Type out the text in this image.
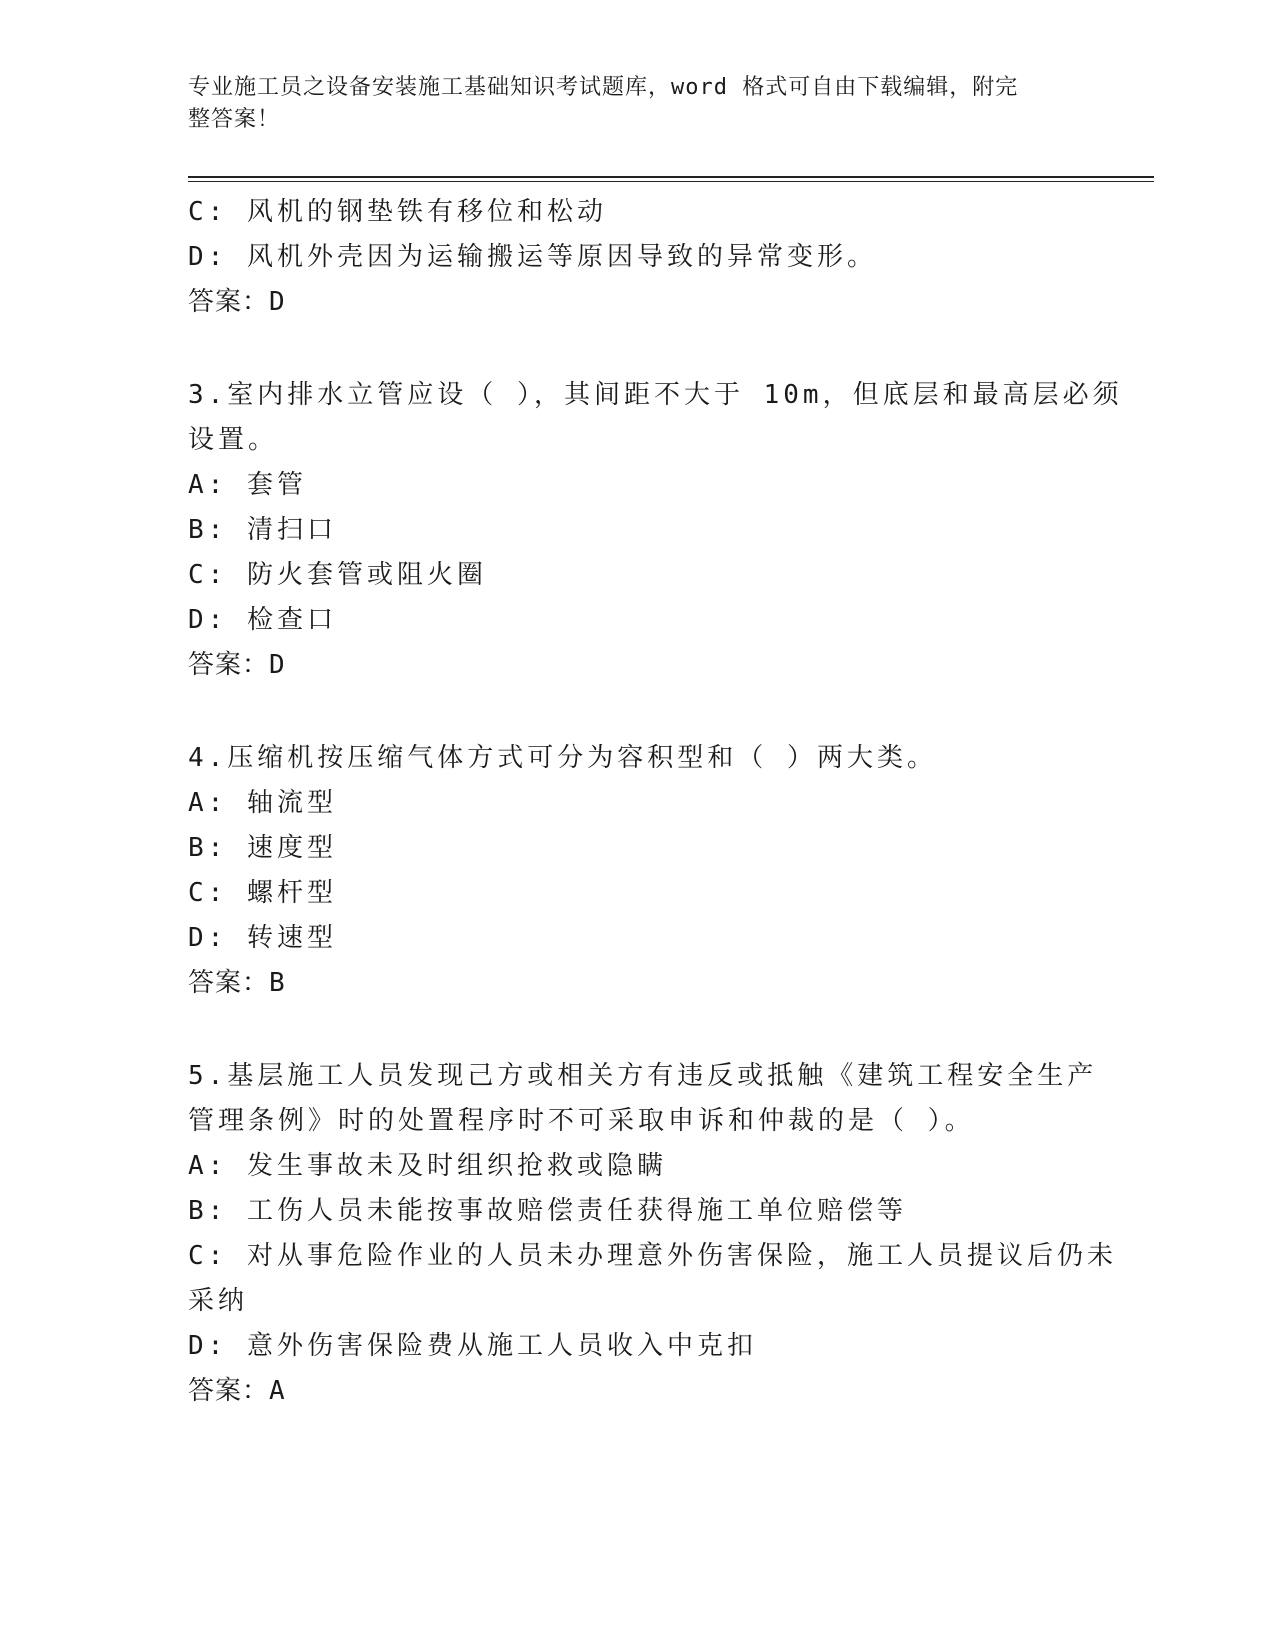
专业施工员之设备安装施工基础知识考试题库，word 格式可自由下载编辑，附完
整答案！
C: 风机的钢垫铁有移位和松动
D: 风机外壳因为运输搬运等原因导致的异常变形。
答案：D
3.室内排水立管应设（ ），其间距不大于 10m，但底层和最高层必须
设置。
A: 套管
B: 清扫口
C: 防火套管或阻火圈
D: 检查口
答案：D
4.压缩机按压缩气体方式可分为容积型和（ ）两大类。
A: 轴流型
B: 速度型
C: 螺杆型
D: 转速型
答案：B
5.基层施工人员发现己方或相关方有违反或抵触《建筑工程安全生产
管理条例》时的处置程序时不可采取申诉和仲裁的是（ ）。
A: 发生事故未及时组织抢救或隐瞒
B: 工伤人员未能按事故赔偿责任获得施工单位赔偿等
C: 对从事危险作业的人员未办理意外伤害保险，施工人员提议后仍未
采纳
D: 意外伤害保险费从施工人员收入中克扣
答案：A
